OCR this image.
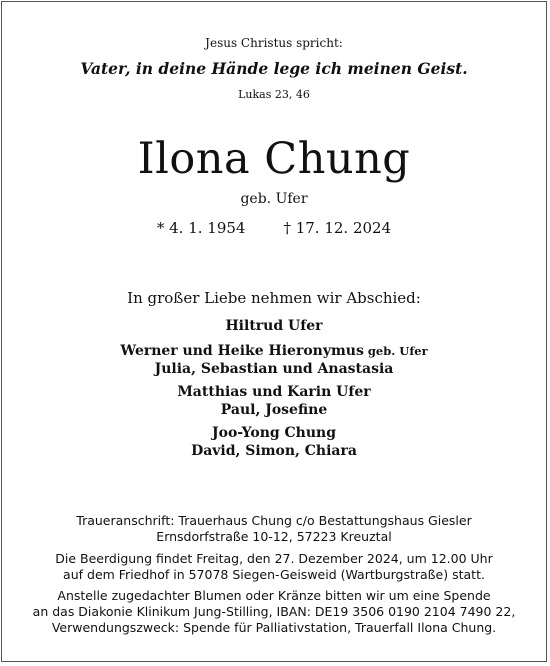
Jesus Christus spricht:
Vater, in deine Hände lege ich meinen Geist.
Lukas 23, 46
Ilona Chung
geb. Ufer
* 4. 1. 1954	† 17. 12. 2024
In großer Liebe nehmen wir Abschied:
Hiltrud Ufer
Werner und Heike Hieronymus geb. Ufer
Julia, Sebastian und Anastasia
Matthias und Karin Ufer
Paul, Josefine
Joo-Yong Chung
David, Simon, Chiara
Traueranschrift: Trauerhaus Chung c/o Bestattungshaus Giesler
Ernsdorfstraße 10-12, 57223 Kreuztal
Die Beerdigung findet Freitag, den 27. Dezember 2024, um 12.00 Uhr
auf dem Friedhof in 57078 Siegen-Geisweid (Wartburgstraße) statt.
Anstelle zugedachter Blumen oder Kränze bitten wir um eine Spende
an das Diakonie Klinikum Jung-Stilling, IBAN: DE19 3506 0190 2104 7490 22,
Verwendungszweck: Spende für Palliativstation, Trauerfall Ilona Chung.
